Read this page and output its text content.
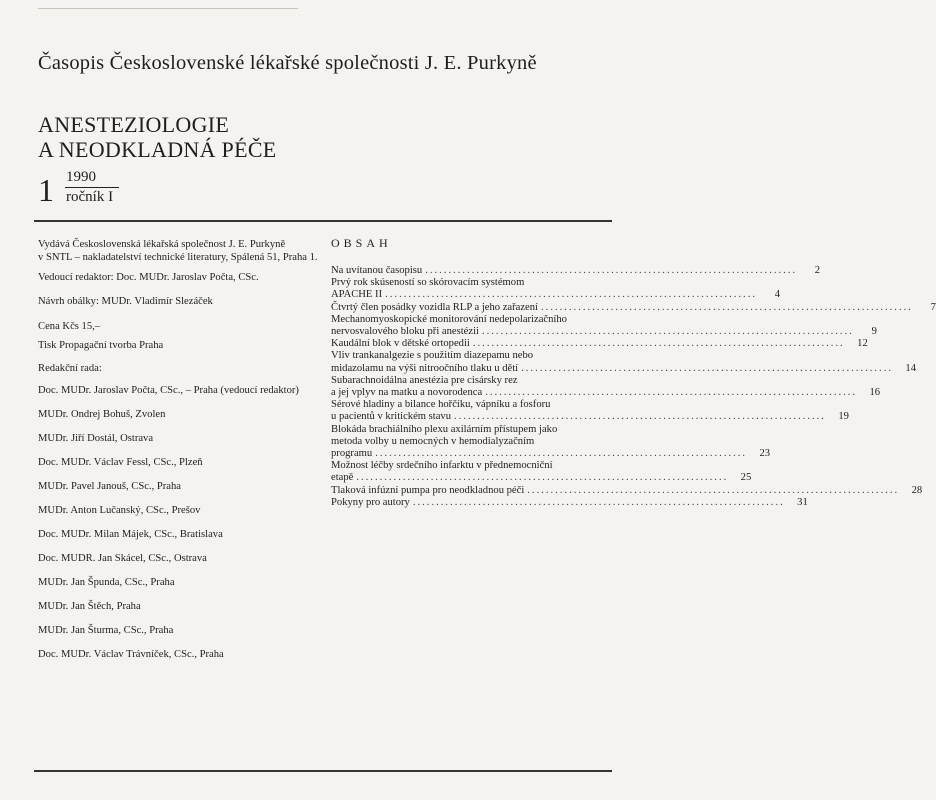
Časopis Československé lékařské společnosti J. E. Purkyně
ANESTEZIOLOGIE
A NEODKLADNÁ PÉČE
1 1990
ročník I
Vydává Československá lékařská společnost J. E. Purkyně
v SNTL – nakladatelství technické literatury, Spálená 51, Praha 1.
Vedoucí redaktor: Doc. MUDr. Jaroslav Počta, CSc.
Návrh obálky: MUDr. Vladimír Slezáček
Cena Kčs 15,–
Tisk Propagační tvorba Praha
Redakční rada:
Doc. MUDr. Jaroslav Počta, CSc., – Praha (vedoucí redaktor)
MUDr. Ondrej Bohuš, Zvolen
MUDr. Jiří Dostál, Ostrava
Doc. MUDr. Václav Fessl, CSc., Plzeň
MUDr. Pavel Janouš, CSc., Praha
MUDr. Anton Lučanský, CSc., Prešov
Doc. MUDr. Milan Májek, CSc., Bratislava
Doc. MUDR. Jan Skácel, CSc., Ostrava
MUDr. Jan Špunda, CSc., Praha
MUDr. Jan Štěch, Praha
MUDr. Jan Šturma, CSc., Praha
Doc. MUDr. Václav Trávníček, CSc., Praha
OBSAH
Na uvítanou časopisu ................................................................................	2
Prvý rok skúseností so skórovacím systémom
APACHE II ................................................................................	4
Čtvrtý člen posádky vozidla RLP a jeho zařazení ................................................................................	7
Mechanomyoskopické monitorování nedepolarizačního
nervosvalového bloku při anestézii ................................................................................	9
Kaudální blok v dětské ortopedii ................................................................................	12
Vliv trankanalgezie s použitím diazepamu nebo
midazolamu na výši nitroočního tlaku u dětí ................................................................................	14
Subarachnoidálna anestézia pre cisársky rez
a jej vplyv na matku a novorodenca ................................................................................	16
Sérové hladiny a bilance hořčíku, vápníku a fosforu
u pacientů v kritickém stavu ................................................................................	19
Blokáda brachiálního plexu axilárním přístupem jako
metoda volby u nemocných v hemodialyzačním
programu ................................................................................	23
Možnost léčby srdečního infarktu v přednemocniční
etapě ................................................................................	25
Tlaková infúzní pumpa pro neodkladnou péči ................................................................................	28
Pokyny pro autory ................................................................................	31
